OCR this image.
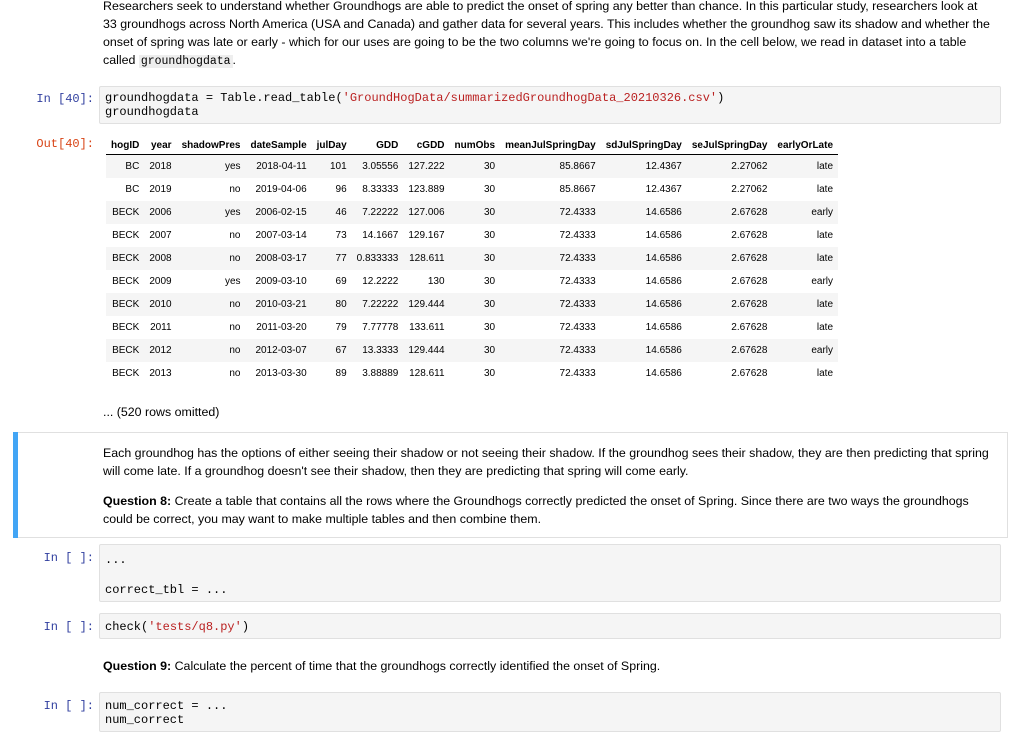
Researchers seek to understand whether Groundhogs are able to predict the onset of spring any better than chance. In this particular study, researchers look at 33 groundhogs across North America (USA and Canada) and gather data for several years. This includes whether the groundhog saw its shadow and whether the onset of spring was late or early - which for our uses are going to be the two columns we're going to focus on. In the cell below, we read in dataset into a table called groundhogdata .

In [40]: groundhogdata = Table.read_table('GroundHogData/summarizedGroundhogData_20210326.csv')
groundhogdata
Out[40]: hogID	year	shadowPres	dateSample	julDay	GDD	cGDD	numObs	meanJulSpringDay	sdJulSpringDay	seJulSpringDay	earlyOrLate
BC	2018	yes	2018-04-11	101	3.05556	127.222	30	85.8667	12.4367	2.27062	late
BC	2019	no	2019-04-06	96	8.33333	123.889	30	85.8667	12.4367	2.27062	late
BECK	2006	yes	2006-02-15	46	7.22222	127.006	30	72.4333	14.6586	2.67628	early
BECK	2007	no	2007-03-14	73	14.1667	129.167	30	72.4333	14.6586	2.67628	late
BECK	2008	no	2008-03-17	77	0.833333	128.611	30	72.4333	14.6586	2.67628	late
BECK	2009	yes	2009-03-10	69	12.2222	130	30	72.4333	14.6586	2.67628	early
BECK	2010	no	2010-03-21	80	7.22222	129.444	30	72.4333	14.6586	2.67628	late
BECK	2011	no	2011-03-20	79	7.77778	133.611	30	72.4333	14.6586	2.67628	late
BECK	2012	no	2012-03-07	67	13.3333	129.444	30	72.4333	14.6586	2.67628	early
BECK	2013	no	2013-03-30	89	3.88889	128.611	30	72.4333	14.6586	2.67628	late
... (520 rows omitted)

Each groundhog has the options of either seeing their shadow or not seeing their shadow. If the groundhog sees their shadow, they are then predicting that spring will come late. If a groundhog doesn't see their shadow, then they are predicting that spring will come early.

Question 8: Create a table that contains all the rows where the Groundhogs correctly predicted the onset of Spring. Since there are two ways the groundhogs could be correct, you may want to make multiple tables and then combine them.

In [ ]: ...
correct_tbl = ...
In [ ]: check('tests/q8.py')

Question 9: Calculate the percent of time that the groundhogs correctly identified the onset of Spring.

In [ ]: num_correct = ...
num_correct
